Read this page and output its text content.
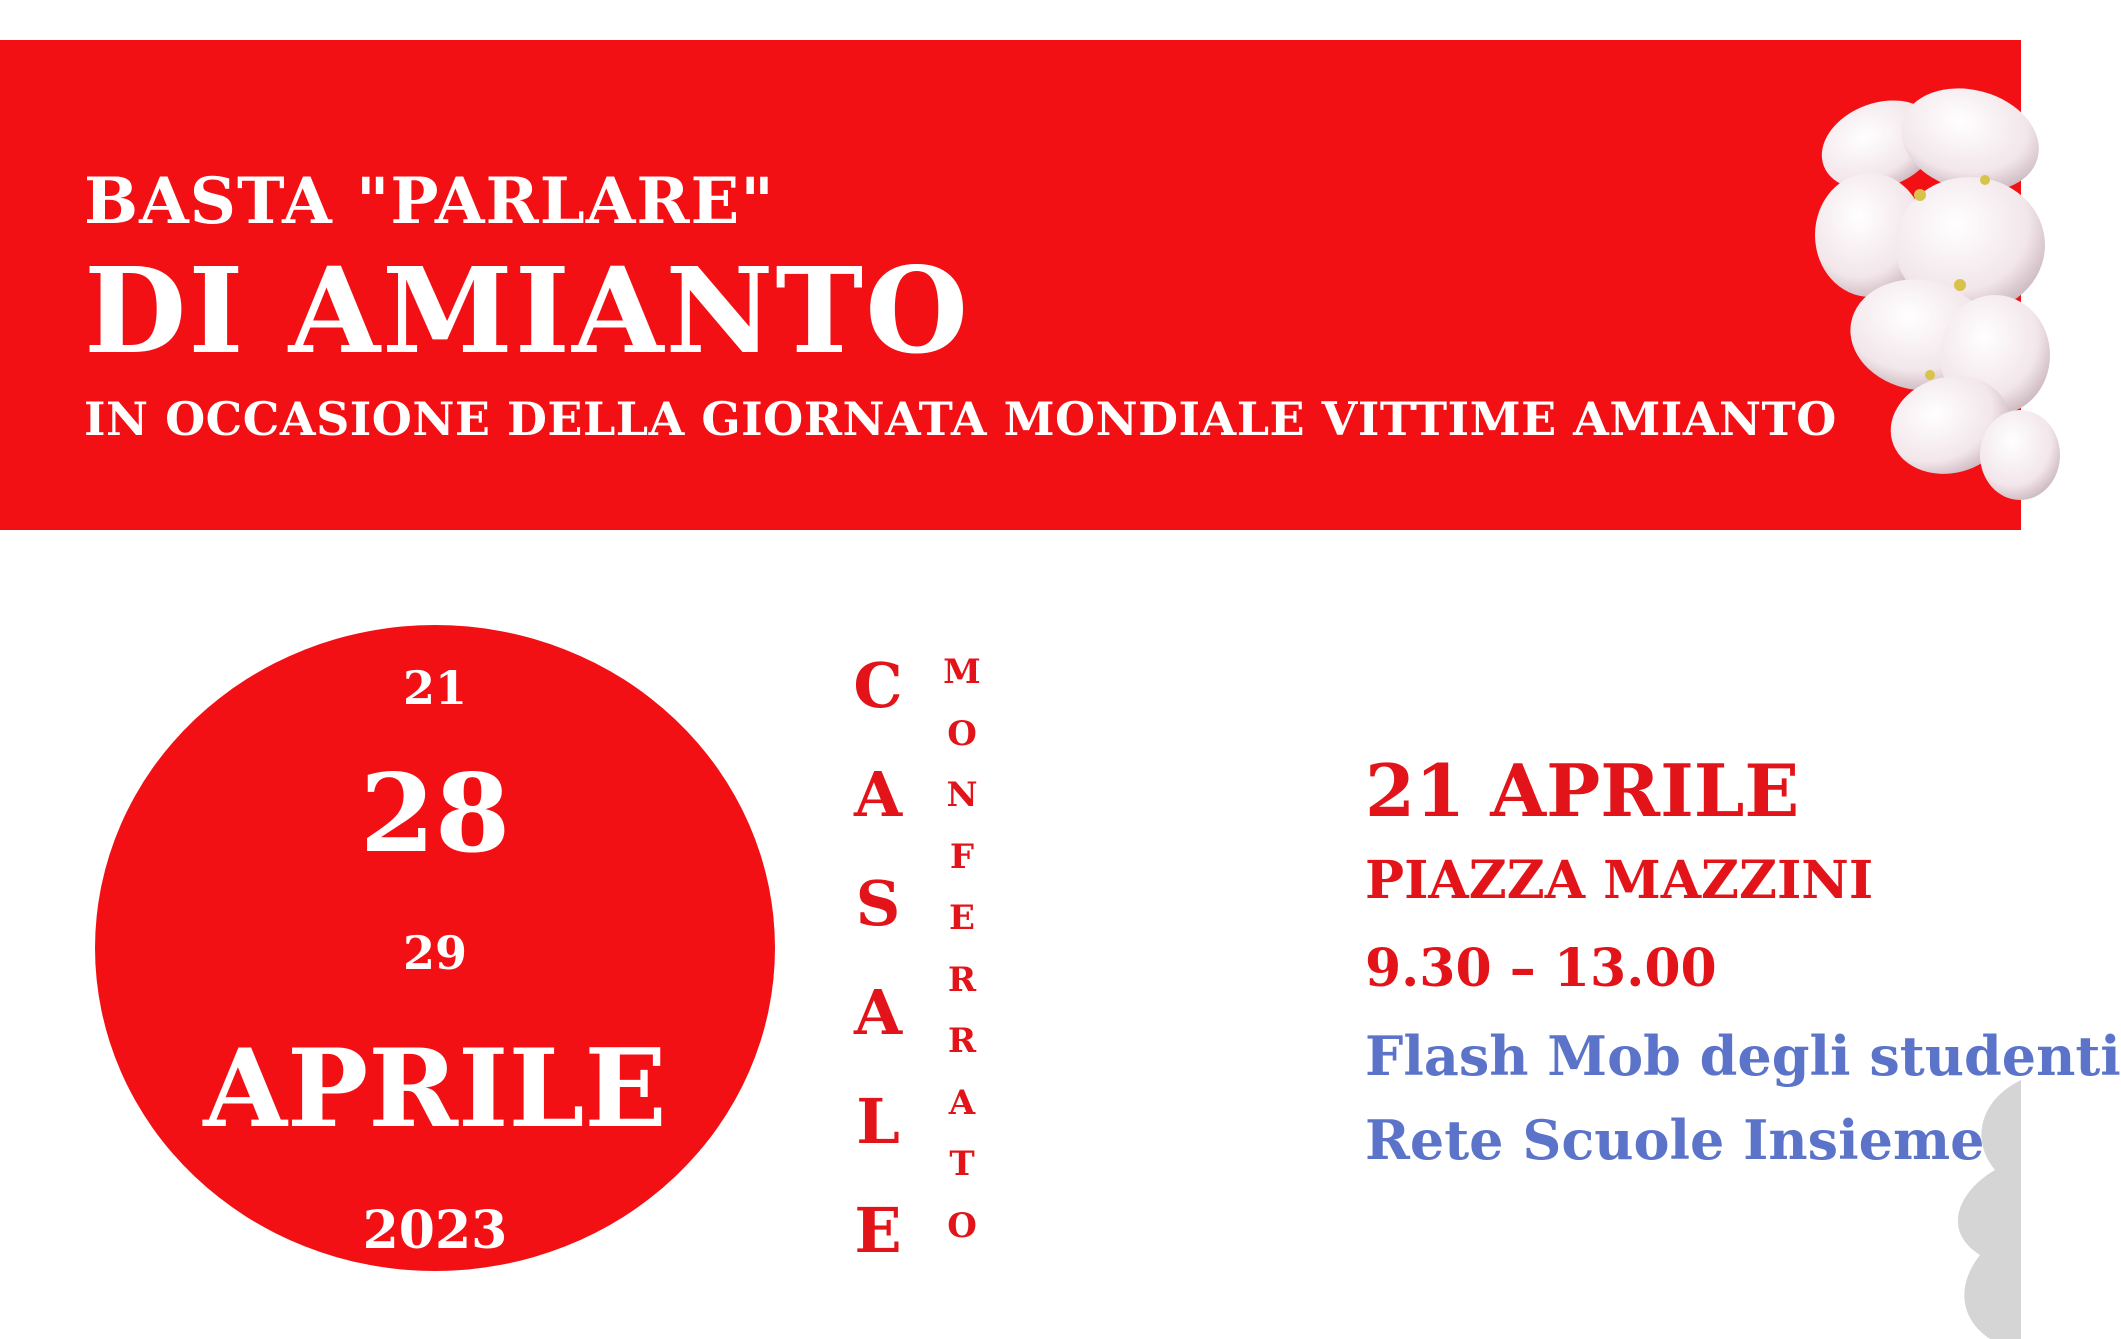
BASTA "PARLARE"
DI AMIANTO
IN OCCASIONE DELLA GIORNATA MONDIALE VITTIME AMIANTO
21
28
29
APRILE
2023
C
A
S
A
L
E
M
O
N
F
E
R
R
A
T
O
21 APRILE
PIAZZA MAZZINI
9.30 – 13.00
Flash Mob degli studenti
Rete Scuole Insieme
